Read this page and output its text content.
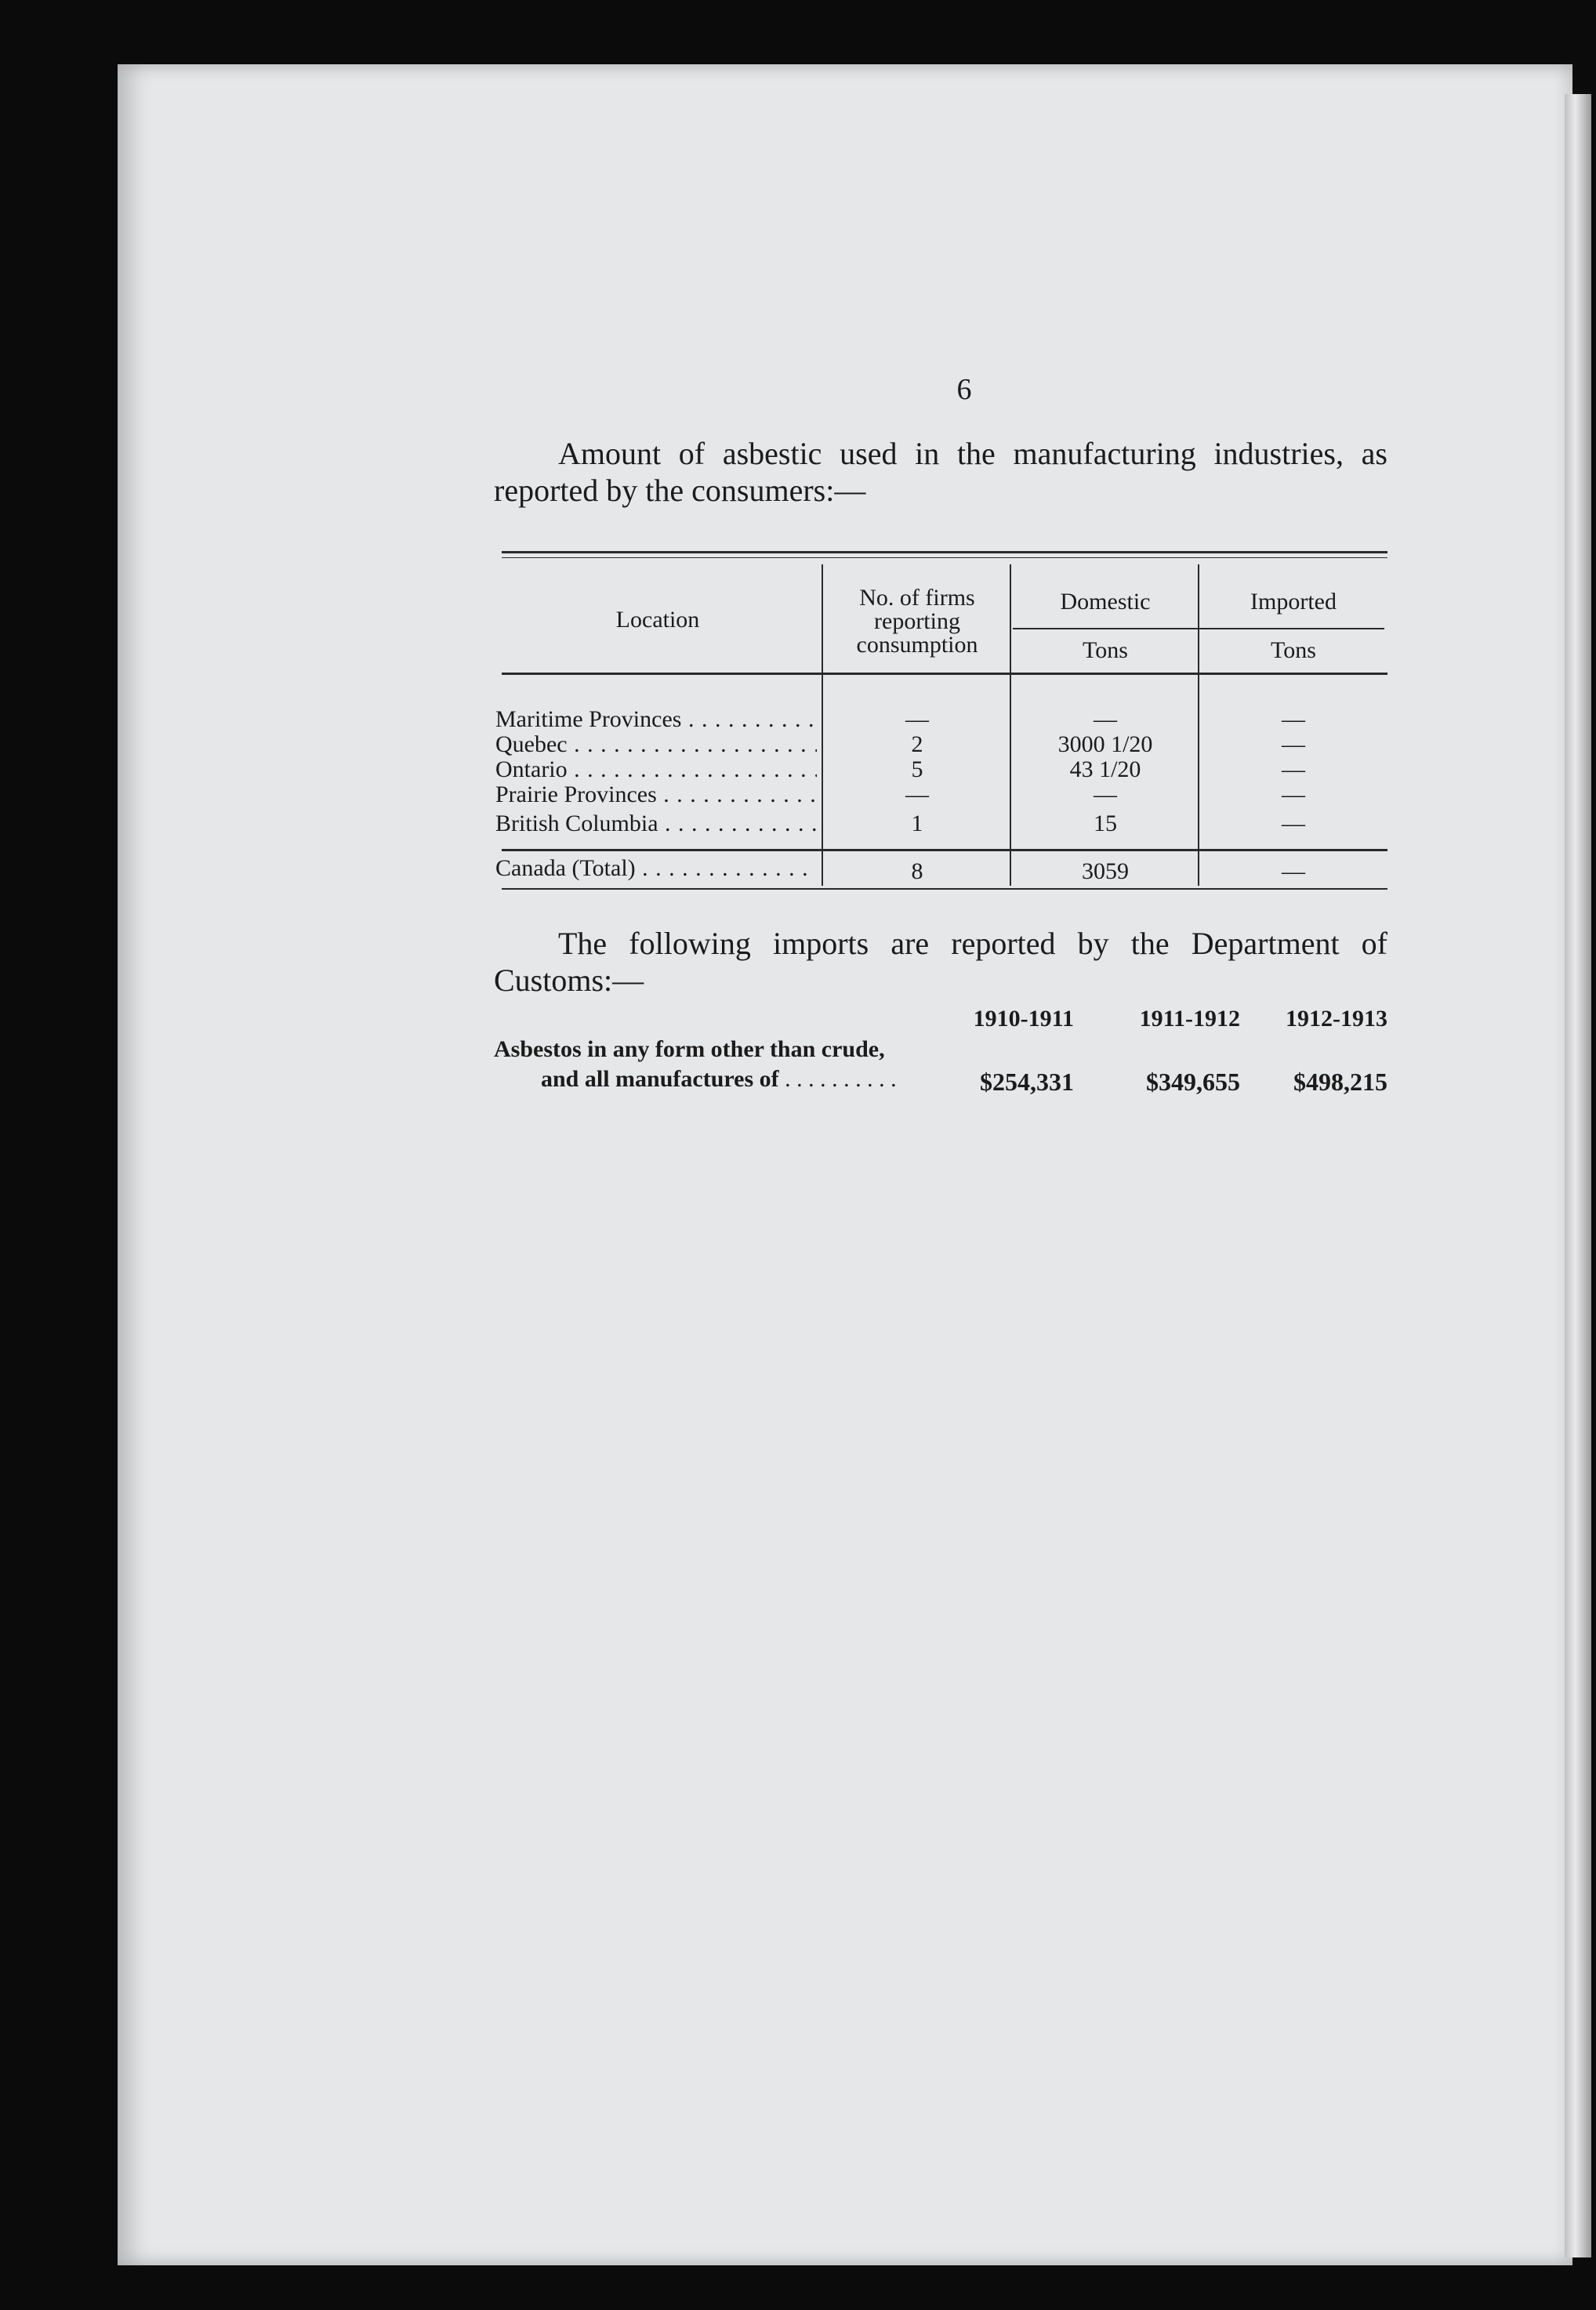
6

Amount of asbestic used in the manufacturing industries, as reported by the consumers:—

Location
No. of firms reporting consumption
Domestic	Imported
Tons	Tons
Maritime Provinces . . .	—	—	—
Quebec . . .	2	3000 1/20	—
Ontario . . .	5	43 1/20	—
Prairie Provinces . . .	—	—	—
British Columbia . . .	1	15	—
Canada (Total) . . .	8	3059	—

The following imports are reported by the Department of Customs:—

1910-1911	1911-1912	1912-1913
Asbestos in any form other than crude,
and all manufactures of . . .	$254,331	$349,655	$498,215
